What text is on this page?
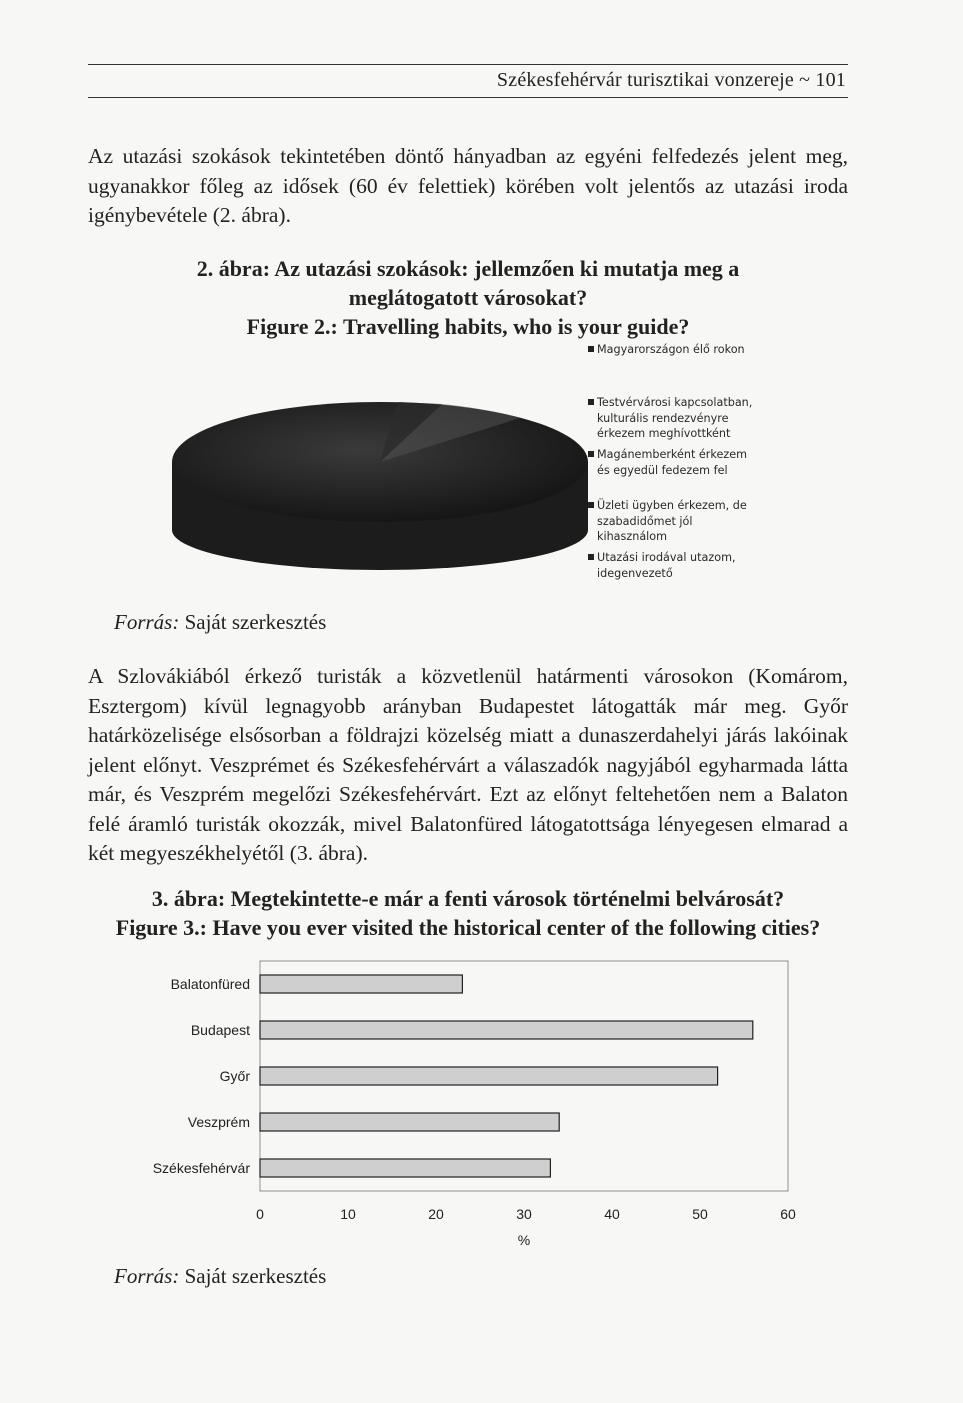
Székesfehérvár turisztikai vonzereje ~ 101

Az utazási szokások tekintetében döntő hányadban az egyéni felfedezés jelent meg, ugyanakkor főleg az idősek (60 év felettiek) körében volt jelentős az utazási iroda igénybevétele (2. ábra).

2. ábra: Az utazási szokások: jellemzően ki mutatja meg a
meglátogatott városokat?
Figure 2.: Travelling habits, who is your guide?
Magyarországon élő rokon
Testvérvárosi kapcsolatban,
kulturális rendezvényre
érkezem meghívottként
Magánemberként érkezem
és egyedül fedezem fel
Üzleti ügyben érkezem, de
szabadidőmet jól
kihasználom
Utazási irodával utazom,
idegenvezető
Forrás: Saját szerkesztés

A Szlovákiából érkező turisták a közvetlenül határmenti városokon (Komárom, Esztergom) kívül legnagyobb arányban Budapestet látogatták már meg. Győr határközelisége elsősorban a földrajzi közelség miatt a dunaszerdahelyi járás lakóinak jelent előnyt. Veszprémet és Székesfehérvárt a válaszadók nagyjából egyharmada látta már, és Veszprém megelőzi Székesfehérvárt. Ezt az előnyt feltehetően nem a Balaton felé áramló turisták okozzák, mivel Balatonfüred látogatottsága lényegesen elmarad a két megyeszékhelyétől (3. ábra).

3. ábra: Megtekintette-e már a fenti városok történelmi belvárosát?
Figure 3.: Have you ever visited the historical center of the following cities?
Balatonfüred
Budapest
Győr
Veszprém
Székesfehérvár
0	10	20	30	40	50	60
%
Forrás: Saját szerkesztés
